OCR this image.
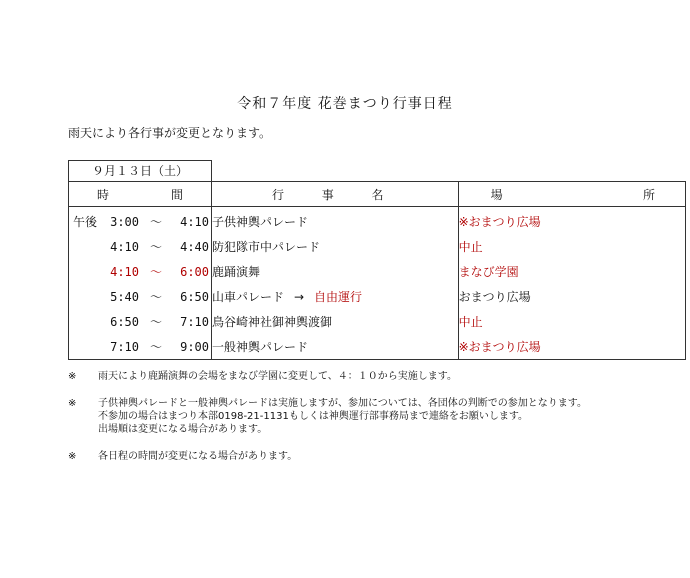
令和７年度 花巻まつり行事日程
雨天により各行事が変更となります。
９月１３日（土）
時 間	行 事 名	場 所

午後 3:00 ～ 4:10	子供神輿パレード	※おまつり広場

4:10 ～ 4:40	防犯隊市中パレード	中止

4:10 ～ 6:00	鹿踊演舞	まなび学園

5:40 ～ 6:50	山車パレード → 自由運行	おまつり広場

6:50 ～ 7:10	鳥谷崎神社御神輿渡御	中止

7:10 ～ 9:00	一般神輿パレード	※おまつり広場
※	雨天により鹿踊演舞の会場をまなび学園に変更して、４：１０から実施します。
※	子供神輿パレードと一般神輿パレードは実施しますが、参加については、各団体の判断での参加となります。
不参加の場合はまつり本部0198-21-1131もしくは神輿運行部事務局まで連絡をお願いします。
出場順は変更になる場合があります。
※	各日程の時間が変更になる場合があります。
